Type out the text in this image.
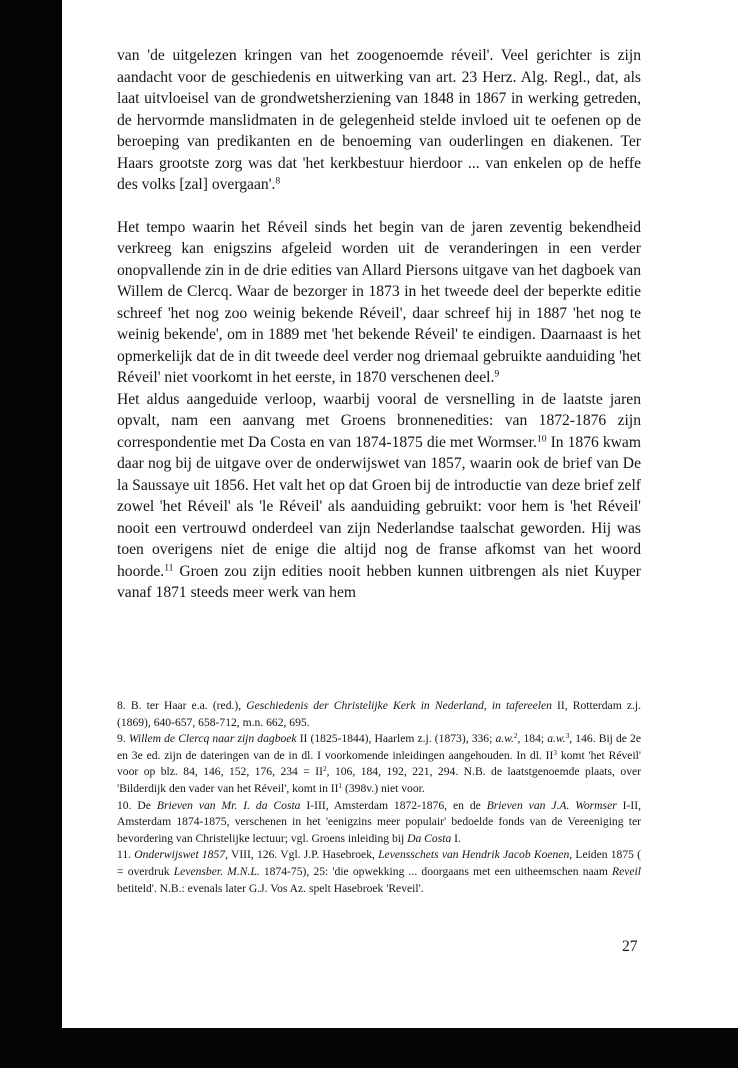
van 'de uitgelezen kringen van het zoogenoemde réveil'. Veel gerichter is zijn aandacht voor de geschiedenis en uitwerking van art. 23 Herz. Alg. Regl., dat, als laat uitvloeisel van de grondwetsherziening van 1848 in 1867 in werking getreden, de hervormde manslidmaten in de gelegenheid stelde invloed uit te oefenen op de beroeping van predikanten en de benoeming van ouderlingen en diakenen. Ter Haars grootste zorg was dat 'het kerkbestuur hierdoor ... van enkelen op de heffe des volks [zal] overgaan'.$^8$

Het tempo waarin het Réveil sinds het begin van de jaren zeventig bekendheid verkreeg kan enigszins afgeleid worden uit de veranderingen in een verder onopvallende zin in de drie edities van Allard Piersons uitgave van het dagboek van Willem de Clercq. Waar de bezorger in 1873 in het tweede deel der beperkte editie schreef 'het nog zoo weinig bekende Réveil', daar schreef hij in 1887 'het nog te weinig bekende', om in 1889 met 'het bekende Réveil' te eindigen. Daarnaast is het opmerkelijk dat de in dit tweede deel verder nog driemaal gebruikte aanduiding 'het Réveil' niet voorkomt in het eerste, in 1870 verschenen deel.$^9$

Het aldus aangeduide verloop, waarbij vooral de versnelling in de laatste jaren opvalt, nam een aanvang met Groens bronnenedities: van 1872-1876 zijn correspondentie met Da Costa en van 1874-1875 die met Wormser.$^{10}$ In 1876 kwam daar nog bij de uitgave over de onderwijswet van 1857, waarin ook de brief van De la Saussaye uit 1856. Het valt het op dat Groen bij de introductie van deze brief zelf zowel 'het Réveil' als 'le Réveil' als aanduiding gebruikt: voor hem is 'het Réveil' nooit een vertrouwd onderdeel van zijn Nederlandse taalschat geworden. Hij was toen overigens niet de enige die altijd nog de franse afkomst van het woord hoorde.$^{11}$ Groen zou zijn edities nooit hebben kunnen uitbrengen als niet Kuyper vanaf 1871 steeds meer werk van hem

8. B. ter Haar e.a. (red.), Geschiedenis der Christelijke Kerk in Nederland, in tafereelen II, Rotterdam z.j. (1869), 640-657, 658-712, m.n. 662, 695.

9. Willem de Clercq naar zijn dagboek II (1825-1844), Haarlem z.j. (1873), 336; a.w.$^2$, 184; a.w.$^3$, 146. Bij de 2e en 3e ed. zijn de dateringen van de in dl. I voorkomende inleidingen aangehouden. In dl. $II^3$ komt 'het Réveil' voor op blz. 84, 146, 152, 176, $234 = II^2$, 106, 184, 192, 221, 294. N.B. de laatstgenoemde plaats, over 'Bilderdijk den vader van het Réveil', komt in $II^1$ (398v.) niet voor.

10. De Brieven van Mr. I. da Costa I-III, Amsterdam 1872-1876, en de Brieven van J.A. Wormser I-II, Amsterdam 1874-1875, verschenen in het 'eenigzins meer populair' bedoelde fonds van de Vereeniging ter bevordering van Christelijke lectuur; vgl. Groens inleiding bij Da Costa I.

11. Onderwijswet 1857, VIII, 126. Vgl. J.P. Hasebroek, Levensschets van Hendrik Jacob Koenen, Leiden 1875 ( = overdruk Levensber. M.N.L. 1874-75), 25: 'die opwekking ... doorgaans met een uitheemschen naam Reveil betiteld'. N.B.: evenals later G.J. Vos Az. spelt Hasebroek 'Reveil'.

27
